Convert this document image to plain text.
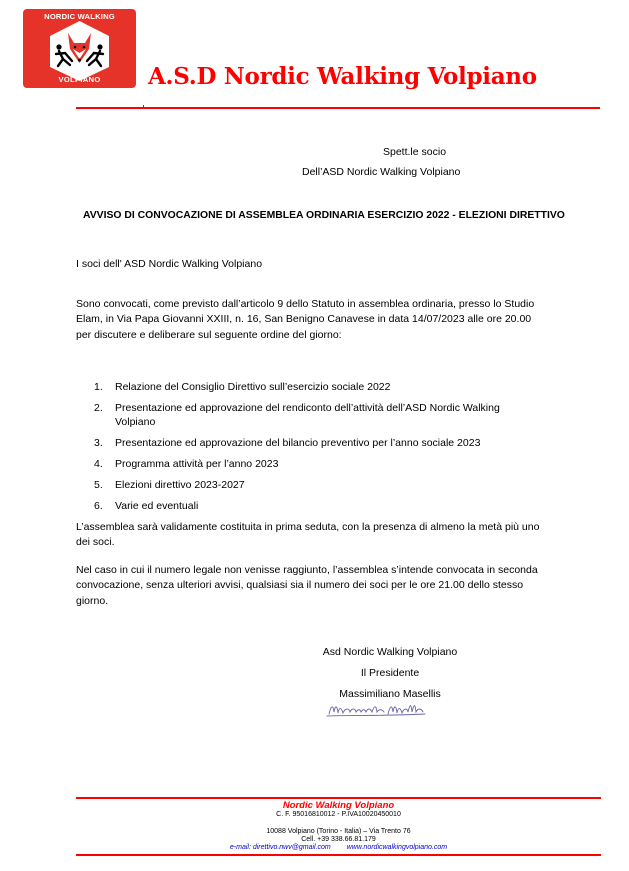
NORDIC WALKING
VOLPIANO	A.S.D Nordic Walking Volpiano
Spett.le socio
Dell’ASD Nordic Walking Volpiano
AVVISO DI CONVOCAZIONE DI ASSEMBLEA ORDINARIA ESERCIZIO 2022 - ELEZIONI DIRETTIVO
I soci dell' ASD Nordic Walking Volpiano
Sono convocati, come previsto dall’articolo 9 dello Statuto in assemblea ordinaria, presso lo Studio Elam, in Via Papa Giovanni XXIII, n. 16, San Benigno Canavese in data 14/07/2023 alle ore 20.00 per discutere e deliberare sul seguente ordine del giorno:
1. Relazione del Consiglio Direttivo sull’esercizio sociale 2022
2. Presentazione ed approvazione del rendiconto dell’attività dell’ASD Nordic Walking Volpiano
3. Presentazione ed approvazione del bilancio preventivo per l’anno sociale 2023
4. Programma attività per l’anno 2023
5. Elezioni direttivo 2023-2027
6. Varie ed eventuali
L’assemblea sarà validamente costituita in prima seduta, con la presenza di almeno la metà più uno dei soci.
Nel caso in cui il numero legale non venisse raggiunto, l’assemblea s’intende convocata in seconda convocazione, senza ulteriori avvisi, qualsiasi sia il numero dei soci per le ore 21.00 dello stesso giorno.
Asd Nordic Walking Volpiano
Il Presidente
Massimiliano Masellis
Nordic Walking Volpiano
C. F. 95016810012 - P.IVA10020450010
10088 Volpiano (Torino - Italia) – Via Trento 76
Cell. +39 338.66.81.179
e-mail: direttivo.nwv@gmail.com www.nordicwalkingvolpiano.com
